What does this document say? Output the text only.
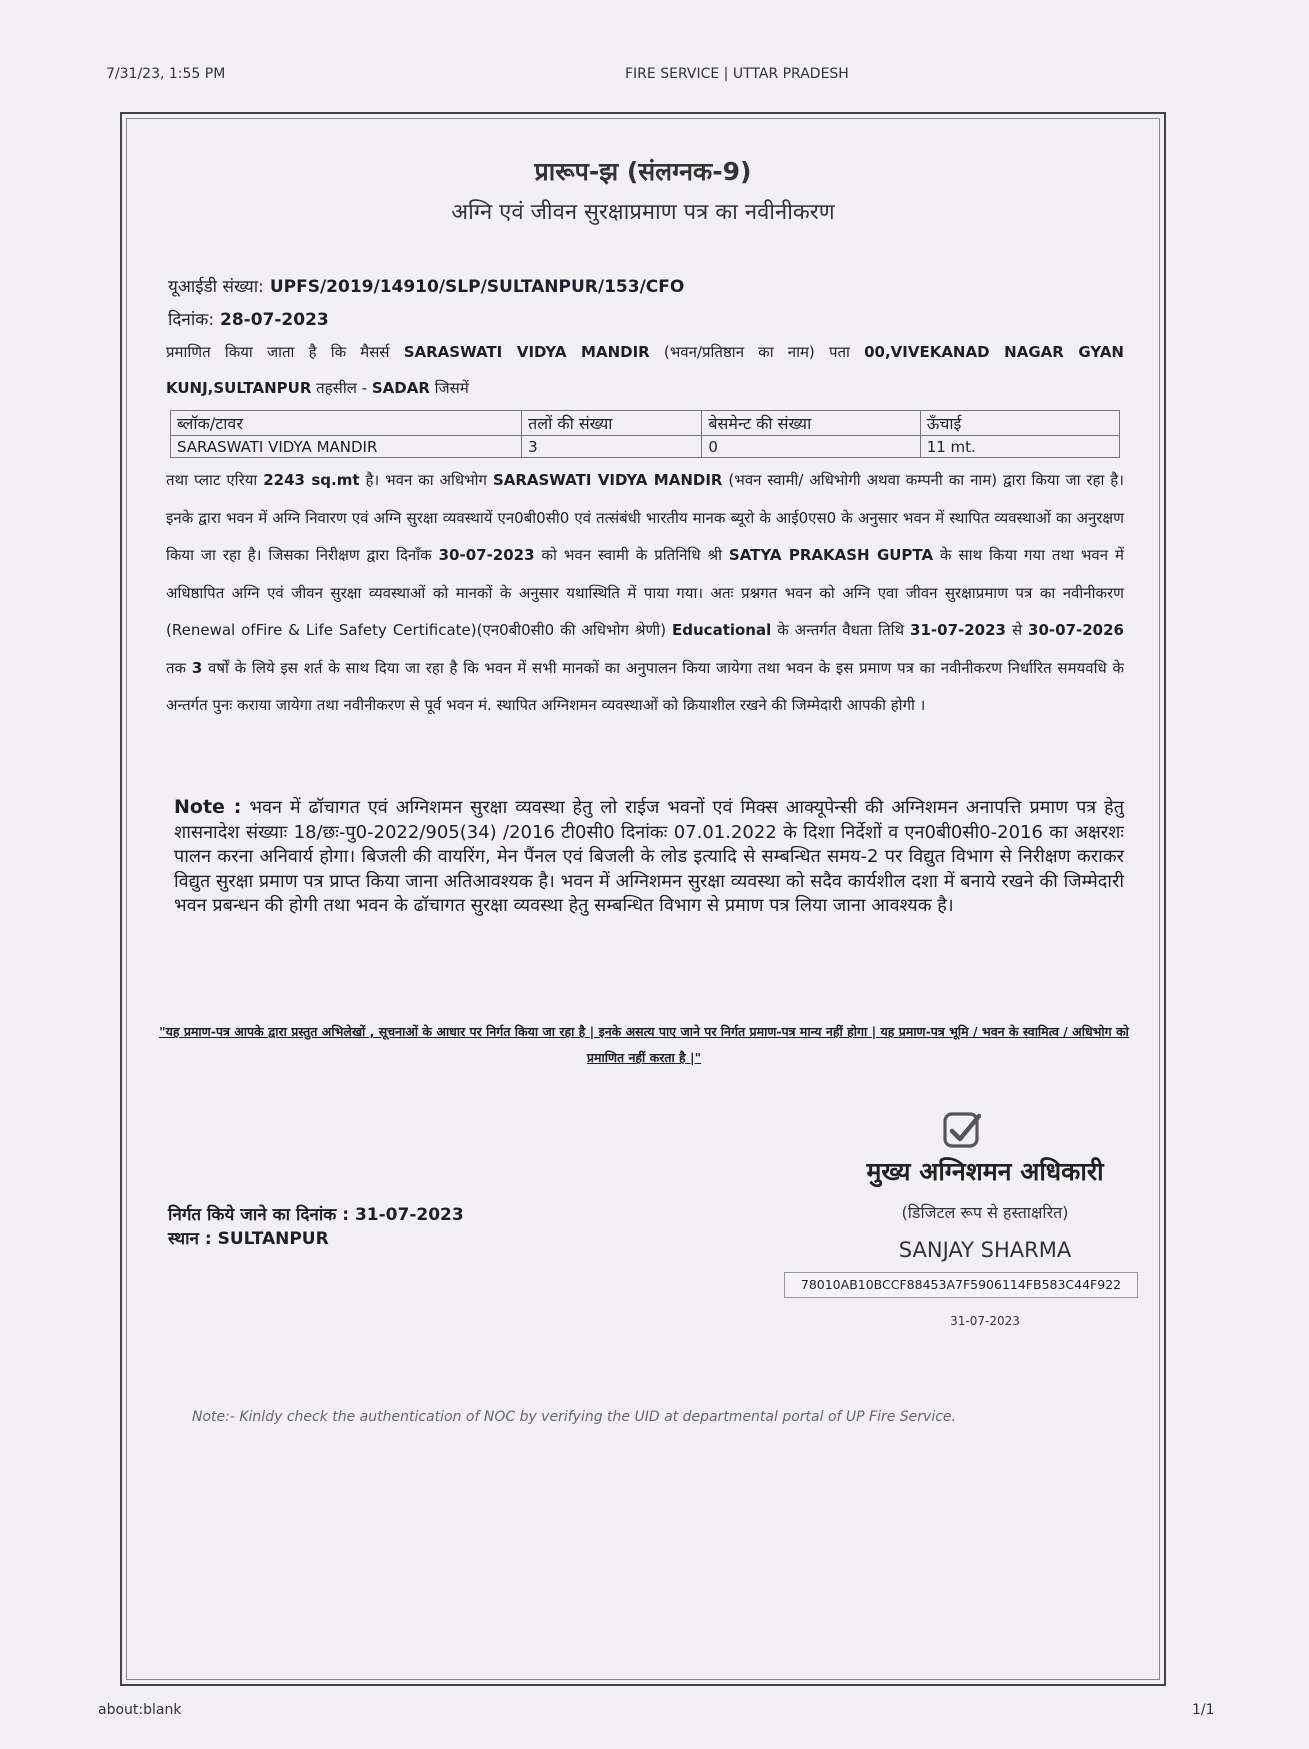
7/31/23, 1:55 PM	FIRE SERVICE | UTTAR PRADESH
प्रारूप-झ (संलग्नक-9)
अग्नि एवं जीवन सुरक्षाप्रमाण पत्र का नवीनीकरण
यूआईडी संख्या: UPFS/2019/14910/SLP/SULTANPUR/153/CFO
दिनांक: 28-07-2023
प्रमाणित किया जाता है कि मैसर्स SARASWATI VIDYA MANDIR (भवन/प्रतिष्ठान का नाम) पता 00,VIVEKANAD NAGAR GYAN KUNJ,SULTANPUR तहसील - SADAR जिसमें
ब्लॉक/टावर	तलों की संख्या	बेसमेन्ट की संख्या	ऊँचाई
SARASWATI VIDYA MANDIR	3	0	11 mt.
तथा प्लाट एरिया 2243 sq.mt है। भवन का अधिभोग SARASWATI VIDYA MANDIR (भवन स्वामी/ अधिभोगी अथवा कम्पनी का नाम) द्वारा किया जा रहा है। इनके द्वारा भवन में अग्नि निवारण एवं अग्नि सुरक्षा व्यवस्थायें एन0बी0सी0 एवं तत्संबंधी भारतीय मानक ब्यूरो के आई0एस0 के अनुसार भवन में स्थापित व्यवस्थाओं का अनुरक्षण किया जा रहा है। जिसका निरीक्षण द्वारा दिनाँक 30-07-2023 को भवन स्वामी के प्रतिनिधि श्री SATYA PRAKASH GUPTA के साथ किया गया तथा भवन में अधिष्ठापित अग्नि एवं जीवन सुरक्षा व्यवस्थाओं को मानकों के अनुसार यथास्थिति में पाया गया। अतः प्रश्नगत भवन को अग्नि एवा जीवन सुरक्षाप्रमाण पत्र का नवीनीकरण (Renewal ofFire & Life Safety Certificate)(एन0बी0सी0 की अधिभोग श्रेणी) Educational के अन्तर्गत वैधता तिथि 31-07-2023 से 30-07-2026 तक 3 वर्षों के लिये इस शर्त के साथ दिया जा रहा है कि भवन में सभी मानकों का अनुपालन किया जायेगा तथा भवन के इस प्रमाण पत्र का नवीनीकरण निर्धारित समयवधि के अन्तर्गत पुनः कराया जायेगा तथा नवीनीकरण से पूर्व भवन मं. स्थापित अग्निशमन व्यवस्थाओं को क्रियाशील रखने की जिम्मेदारी आपकी होगी ।
Note : भवन में ढॉचागत एवं अग्निशमन सुरक्षा व्यवस्था हेतु लो राईज भवनों एवं मिक्स आक्यूपेन्सी की अग्निशमन अनापत्ति प्रमाण पत्र हेतु शासनादेश संख्याः 18/छः-पु0-2022/905(34) /2016 टी0सी0 दिनांकः 07.01.2022 के दिशा निर्देशों व एन0बी0सी0-2016 का अक्षरशः पालन करना अनिवार्य होगा। बिजली की वायरिंग, मेन पैंनल एवं बिजली के लोड इत्यादि से सम्बन्धित समय-2 पर विद्युत विभाग से निरीक्षण कराकर विद्युत सुरक्षा प्रमाण पत्र प्राप्त किया जाना अतिआवश्यक है। भवन में अग्निशमन सुरक्षा व्यवस्था को सदैव कार्यशील दशा में बनाये रखने की जिम्मेदारी भवन प्रबन्धन की होगी तथा भवन के ढॉचागत सुरक्षा व्यवस्था हेतु सम्बन्धित विभाग से प्रमाण पत्र लिया जाना आवश्यक है।
"यह प्रमाण-पत्र आपके द्वारा प्रस्तुत अभिलेखों , सूचनाओं के आधार पर निर्गत किया जा रहा है | इनके असत्य पाए जाने पर निर्गत प्रमाण-पत्र मान्य नहीं होगा | यह प्रमाण-पत्र भूमि / भवन के स्वामित्व / अधिभोग को प्रमाणित नहीं करता है |"
मुख्य अग्निशमन अधिकारी
(डिजिटल रूप से हस्ताक्षरित)
SANJAY SHARMA
78010AB10BCCF88453A7F5906114FB583C44F922
31-07-2023
निर्गत किये जाने का दिनांक : 31-07-2023
स्थान : SULTANPUR
Note:- Kinldy check the authentication of NOC by verifying the UID at departmental portal of UP Fire Service.
about:blank	1/1
